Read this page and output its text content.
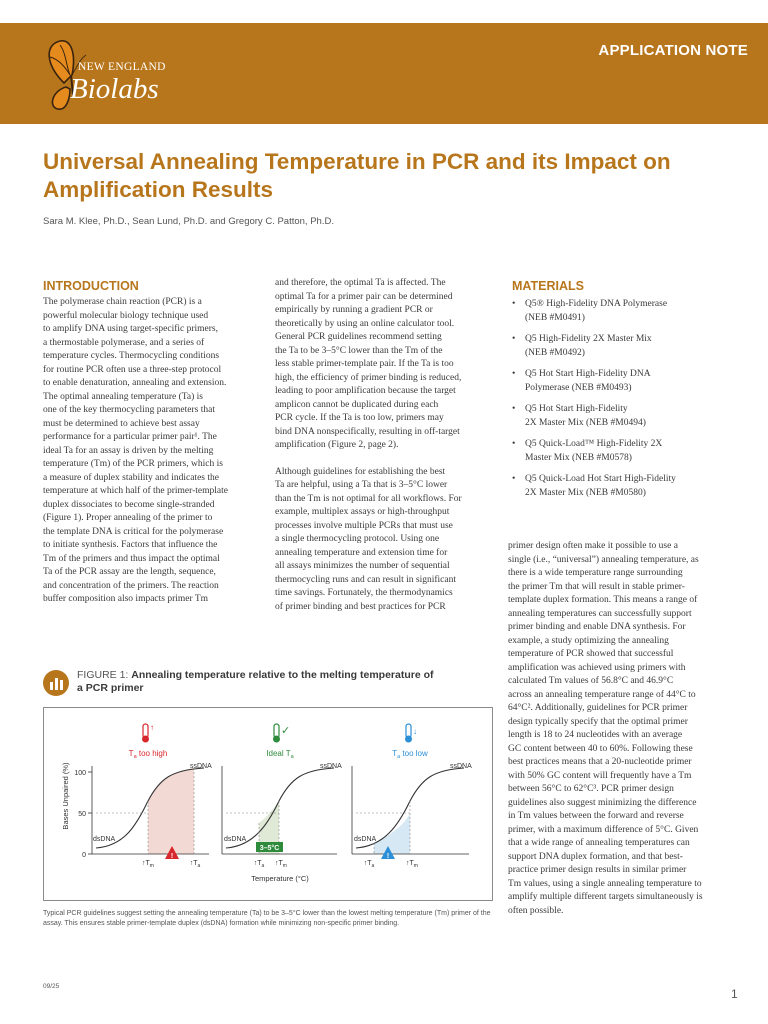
NEW ENGLAND
Biolabs
APPLICATION NOTE
Universal Annealing Temperature in PCR and its Impact on Amplification Results
Sara M. Klee, Ph.D., Sean Lund, Ph.D. and Gregory C. Patton, Ph.D.
INTRODUCTION

The polymerase chain reaction (PCR) is a
powerful molecular biology technique used
to amplify DNA using target-specific primers,
a thermostable polymerase, and a series of
temperature cycles. Thermocycling conditions
for routine PCR often use a three-step protocol
to enable denaturation, annealing and extension.
The optimal annealing temperature (Ta) is
one of the key thermocycling parameters that
must be determined to achieve best assay
performance for a particular primer pair¹. The
ideal Ta for an assay is driven by the melting
temperature (Tm) of the PCR primers, which is
a measure of duplex stability and indicates the
temperature at which half of the primer-template
duplex dissociates to become single-stranded
(Figure 1). Proper annealing of the primer to
the template DNA is critical for the polymerase
to initiate synthesis. Factors that influence the
Tm of the primers and thus impact the optimal
Ta of the PCR assay are the length, sequence,
and concentration of the primers. The reaction
buffer composition also impacts primer Tm

and therefore, the optimal Ta is affected. The
optimal Ta for a primer pair can be determined
empirically by running a gradient PCR or
theoretically by using an online calculator tool.
General PCR guidelines recommend setting
the Ta to be 3–5°C lower than the Tm of the
less stable primer-template pair. If the Ta is too
high, the efficiency of primer binding is reduced,
leading to poor amplification because the target
amplicon cannot be duplicated during each
PCR cycle. If the Ta is too low, primers may
bind DNA nonspecifically, resulting in off-target
amplification (Figure 2, page 2).

Although guidelines for establishing the best
Ta are helpful, using a Ta that is 3–5°C lower
than the Tm is not optimal for all workflows. For
example, multiplex assays or high-throughput
processes involve multiple PCRs that must use
a single thermocycling protocol. Using one
annealing temperature and extension time for
all assays minimizes the number of sequential
thermocycling runs and can result in significant
time savings. Fortunately, the thermodynamics
of primer binding and best practices for PCR

primer design often make it possible to use a
single (i.e., “universal”) annealing temperature, as
there is a wide temperature range surrounding
the primer Tm that will result in stable primer-
template duplex formation. This means a range of
annealing temperatures can successfully support
primer binding and enable DNA synthesis. For
example, a study optimizing the annealing
temperature of PCR showed that successful
amplification was achieved using primers with
calculated Tm values of 56.8°C and 46.9°C
across an annealing temperature range of 44°C to
64°C². Additionally, guidelines for PCR primer
design typically specify that the optimal primer
length is 18 to 24 nucleotides with an average
GC content between 40 to 60%. Following these
best practices means that a 20-nucleotide primer
with 50% GC content will frequently have a Tm
between 56°C to 62°C³. PCR primer design
guidelines also suggest minimizing the difference
in Tm values between the forward and reverse
primer, with a maximum difference of 5°C. Given
that a wide range of annealing temperatures can
support DNA duplex formation, and that best-
practice primer design results in similar primer
Tm values, using a single annealing temperature to
amplify multiple different targets simultaneously is
often possible.

MATERIALS
• Q5® High-Fidelity DNA Polymerase
(NEB #M0491)
• Q5 High-Fidelity 2X Master Mix
(NEB #M0492)
• Q5 Hot Start High-Fidelity DNA
Polymerase (NEB #M0493)
• Q5 Hot Start High-Fidelity
2X Master Mix (NEB #M0494)
• Q5 Quick-Load™ High-Fidelity 2X
Master Mix (NEB #M0578)
• Q5 Quick-Load Hot Start High-Fidelity
2X Master Mix (NEB #M0580)
FIGURE 1: Annealing temperature relative to the melting temperature of a PCR primer
Bases Unpaired (%) 100
50
0
dsDNA
ssDNA
$↑T_m$	$↑T_a$
!
↑
$T_a$ too high
dsDNA
ssDNA
3–5°C
$↑T_a$ $↑T_m$
✓
Ideal $T_a$
dsDNA
ssDNA
$↑T_a$	$↑T_m$
!
↓
$T_a$ too low
Temperature (°C)
Typical PCR guidelines suggest setting the annealing temperature (Ta) to be 3–5°C lower than the lowest melting temperature (Tm) primer of the assay. This ensures stable primer-template duplex (dsDNA) formation while minimizing non-specific primer binding.
09/25
1
